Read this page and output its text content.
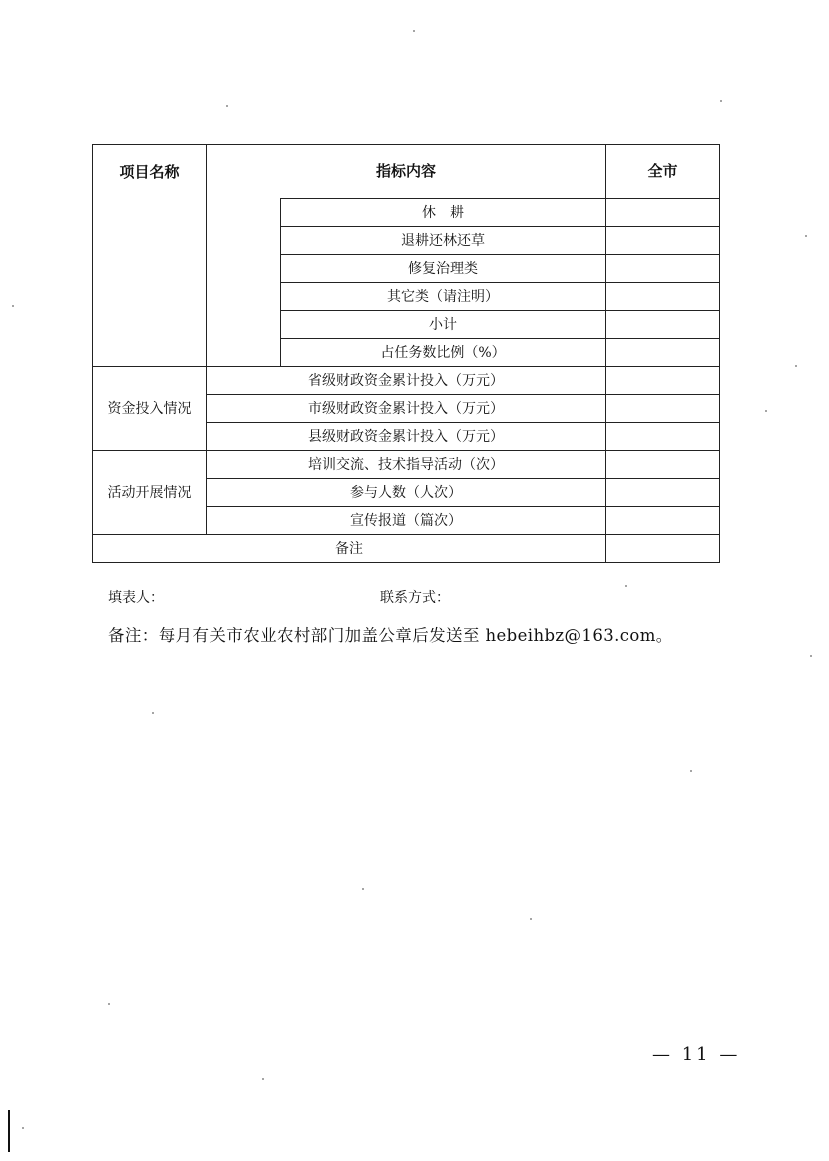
项目名称	指标内容		全市
		休　耕	
		退耕还林还草	
		修复治理类	
		其它类（请注明）	
		小计	
		占任务数比例（%）	
资金投入情况	省级财政资金累计投入（万元）		
	市级财政资金累计投入（万元）		
	县级财政资金累计投入（万元）		
活动开展情况	培训交流、技术指导活动（次）		
	参与人数（人次）		
	宣传报道（篇次）		
备注			
填表人：	联系方式：
备注：每月有关市农业农村部门加盖公章后发送至 hebeihbz@163.com。
— 11 —
